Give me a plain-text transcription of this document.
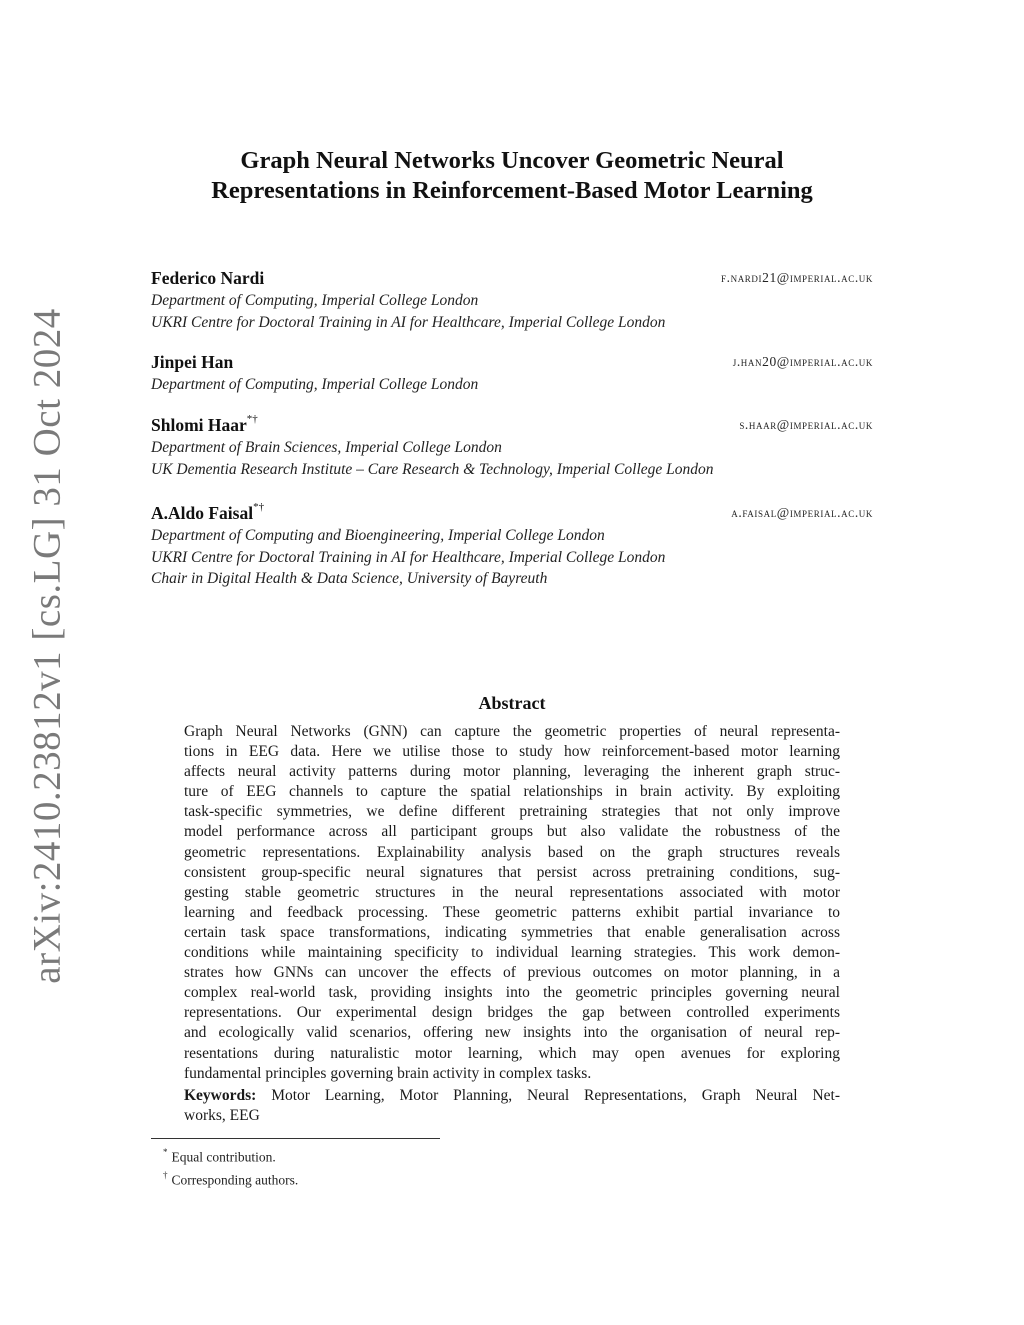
arXiv:2410.23812v1 [cs.LG] 31 Oct 2024
Graph Neural Networks Uncover Geometric Neural
Representations in Reinforcement-Based Motor Learning
Federico Nardi	f.nardi21@imperial.ac.uk
Department of Computing, Imperial College London
UKRI Centre for Doctoral Training in AI for Healthcare, Imperial College London
Jinpei Han	j.han20@imperial.ac.uk
Department of Computing, Imperial College London
Shlomi Haar*†	s.haar@imperial.ac.uk
Department of Brain Sciences, Imperial College London
UK Dementia Research Institute – Care Research & Technology, Imperial College London
A.Aldo Faisal*†	a.faisal@imperial.ac.uk
Department of Computing and Bioengineering, Imperial College London
UKRI Centre for Doctoral Training in AI for Healthcare, Imperial College London
Chair in Digital Health & Data Science, University of Bayreuth
Abstract
Graph Neural Networks (GNN) can capture the geometric properties of neural representa-
tions in EEG data. Here we utilise those to study how reinforcement-based motor learning
affects neural activity patterns during motor planning, leveraging the inherent graph struc-
ture of EEG channels to capture the spatial relationships in brain activity. By exploiting
task-specific symmetries, we define different pretraining strategies that not only improve
model performance across all participant groups but also validate the robustness of the
geometric representations. Explainability analysis based on the graph structures reveals
consistent group-specific neural signatures that persist across pretraining conditions, sug-
gesting stable geometric structures in the neural representations associated with motor
learning and feedback processing. These geometric patterns exhibit partial invariance to
certain task space transformations, indicating symmetries that enable generalisation across
conditions while maintaining specificity to individual learning strategies. This work demon-
strates how GNNs can uncover the effects of previous outcomes on motor planning, in a
complex real-world task, providing insights into the geometric principles governing neural
representations. Our experimental design bridges the gap between controlled experiments
and ecologically valid scenarios, offering new insights into the organisation of neural rep-
resentations during naturalistic motor learning, which may open avenues for exploring
fundamental principles governing brain activity in complex tasks.
Keywords: Motor Learning, Motor Planning, Neural Representations, Graph Neural Net-
works, EEG
* Equal contribution.
† Corresponding authors.
